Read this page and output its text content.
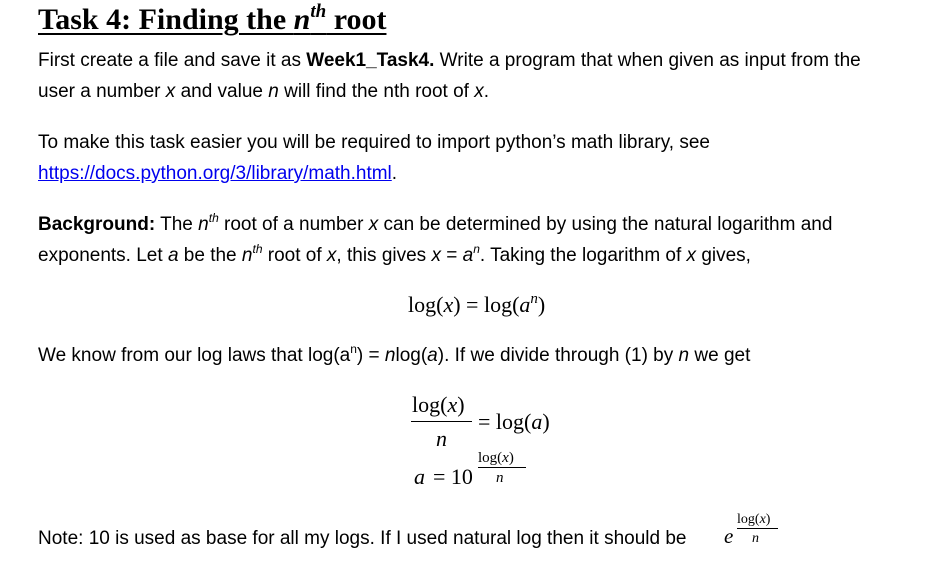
Task 4: Finding the $n^{th}$ root
First create a file and save it as Week1_Task4. Write a program that when given as input from the
user a number x and value n will find the nth root of x.
To make this task easier you will be required to import python’s math library, see
https://docs.python.org/3/library/math.html.
Background: The $n^{th}$ root of a number x can be determined by using the natural logarithm and
exponents. Let a be the $n^{th}$ root of x, this gives $x = a^n$. Taking the logarithm of x gives,
$\log(x) = \log(a^n)$
We know from our log laws that $\log(a^n) = nlog(a)$. If we divide through (1) by n we get
log(x)
n
= log(a)
a = 10
log(x)
n
Note: 10 is used as base for all my logs. If I used natural log then it should be e
log(x)
n
